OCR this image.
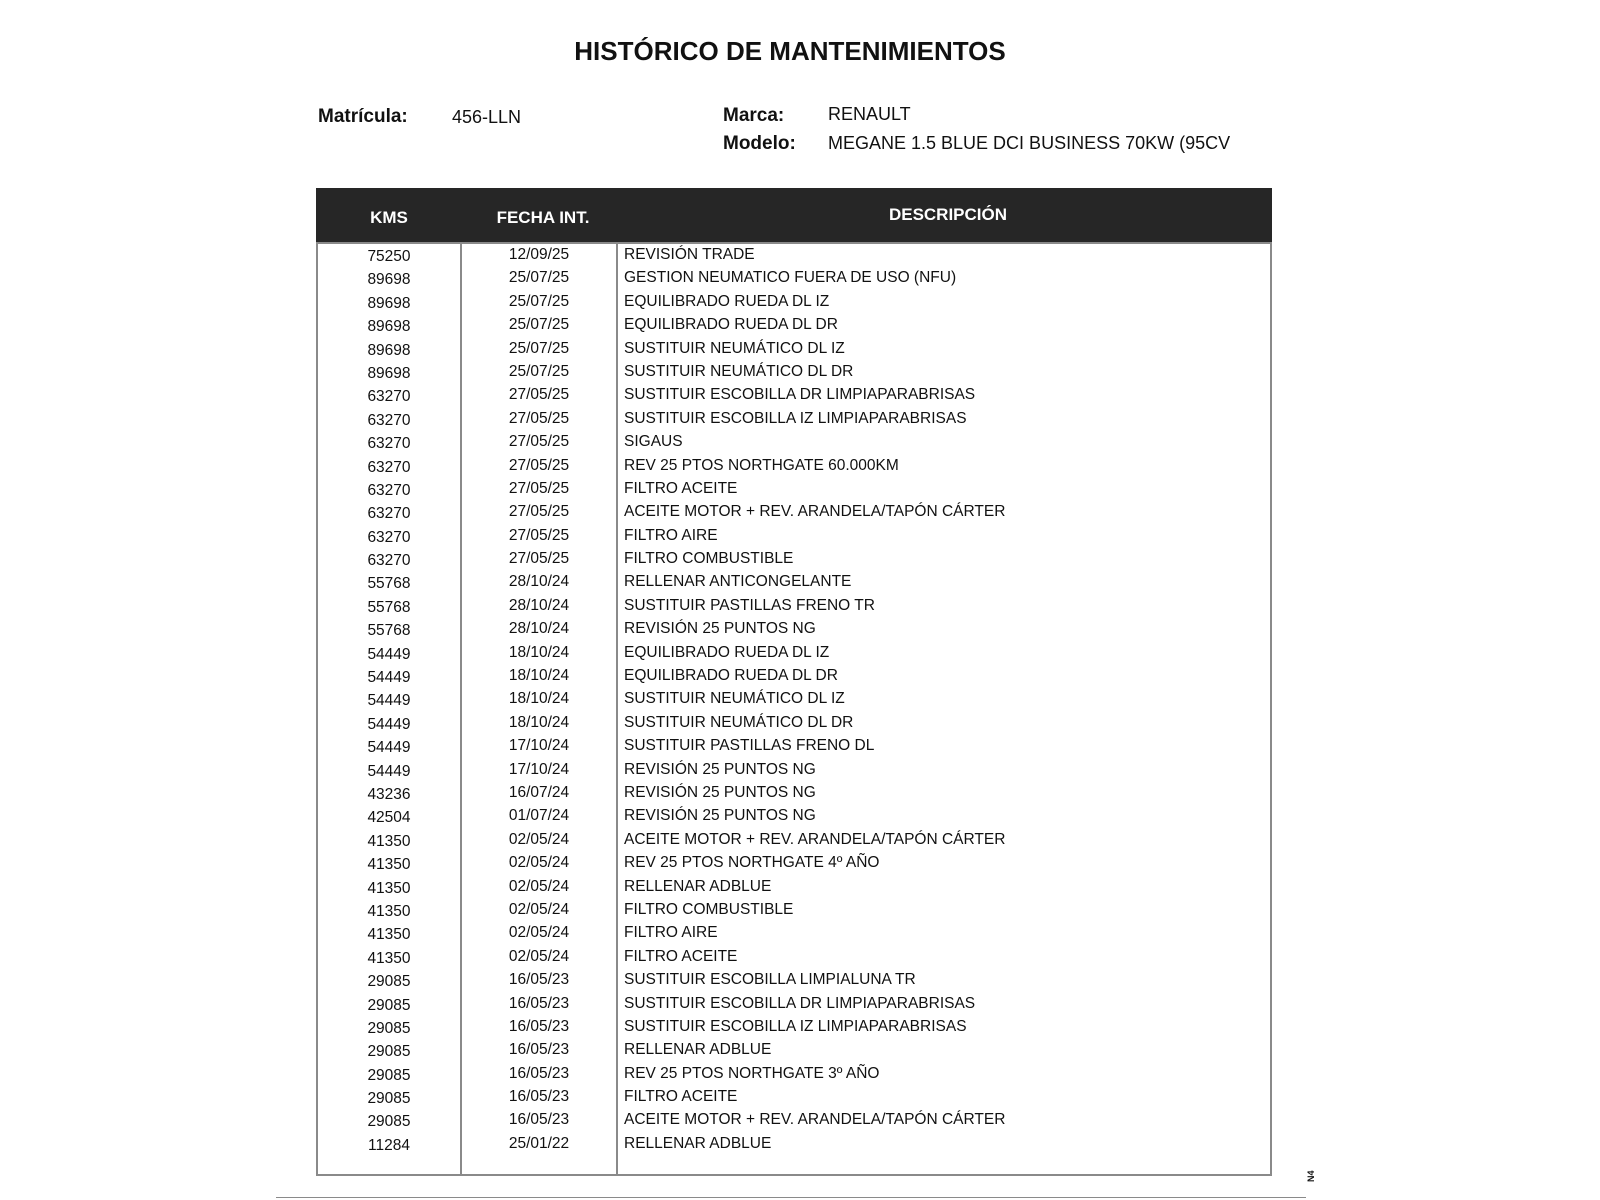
HISTÓRICO DE MANTENIMIENTOS
Matrícula: 456-LLN	Marca: RENAULT
Modelo: MEGANE 1.5 BLUE DCI BUSINESS 70KW (95CV
KMS	FECHA INT.	DESCRIPCIÓN
75250	12/09/25	REVISIÓN TRADE
89698	25/07/25	GESTION NEUMATICO FUERA DE USO (NFU)
89698	25/07/25	EQUILIBRADO RUEDA DL IZ
89698	25/07/25	EQUILIBRADO RUEDA DL DR
89698	25/07/25	SUSTITUIR NEUMÁTICO DL IZ
89698	25/07/25	SUSTITUIR NEUMÁTICO DL DR
63270	27/05/25	SUSTITUIR ESCOBILLA DR LIMPIAPARABRISAS
63270	27/05/25	SUSTITUIR ESCOBILLA IZ LIMPIAPARABRISAS
63270	27/05/25	SIGAUS
63270	27/05/25	REV 25 PTOS NORTHGATE 60.000KM
63270	27/05/25	FILTRO ACEITE
63270	27/05/25	ACEITE MOTOR + REV. ARANDELA/TAPÓN CÁRTER
63270	27/05/25	FILTRO AIRE
63270	27/05/25	FILTRO COMBUSTIBLE
55768	28/10/24	RELLENAR ANTICONGELANTE
55768	28/10/24	SUSTITUIR PASTILLAS FRENO TR
55768	28/10/24	REVISIÓN 25 PUNTOS NG
54449	18/10/24	EQUILIBRADO RUEDA DL IZ
54449	18/10/24	EQUILIBRADO RUEDA DL DR
54449	18/10/24	SUSTITUIR NEUMÁTICO DL IZ
54449	18/10/24	SUSTITUIR NEUMÁTICO DL DR
54449	17/10/24	SUSTITUIR PASTILLAS FRENO DL
54449	17/10/24	REVISIÓN 25 PUNTOS NG
43236	16/07/24	REVISIÓN 25 PUNTOS NG
42504	01/07/24	REVISIÓN 25 PUNTOS NG
41350	02/05/24	ACEITE MOTOR + REV. ARANDELA/TAPÓN CÁRTER
41350	02/05/24	REV 25 PTOS NORTHGATE 4º AÑO
41350	02/05/24	RELLENAR ADBLUE
41350	02/05/24	FILTRO COMBUSTIBLE
41350	02/05/24	FILTRO AIRE
41350	02/05/24	FILTRO ACEITE
29085	16/05/23	SUSTITUIR ESCOBILLA LIMPIALUNA TR
29085	16/05/23	SUSTITUIR ESCOBILLA DR LIMPIAPARABRISAS
29085	16/05/23	SUSTITUIR ESCOBILLA IZ LIMPIAPARABRISAS
29085	16/05/23	RELLENAR ADBLUE
29085	16/05/23	REV 25 PTOS NORTHGATE 3º AÑO
29085	16/05/23	FILTRO ACEITE
29085	16/05/23	ACEITE MOTOR + REV. ARANDELA/TAPÓN CÁRTER
11284	25/01/22	RELLENAR ADBLUE
N4
